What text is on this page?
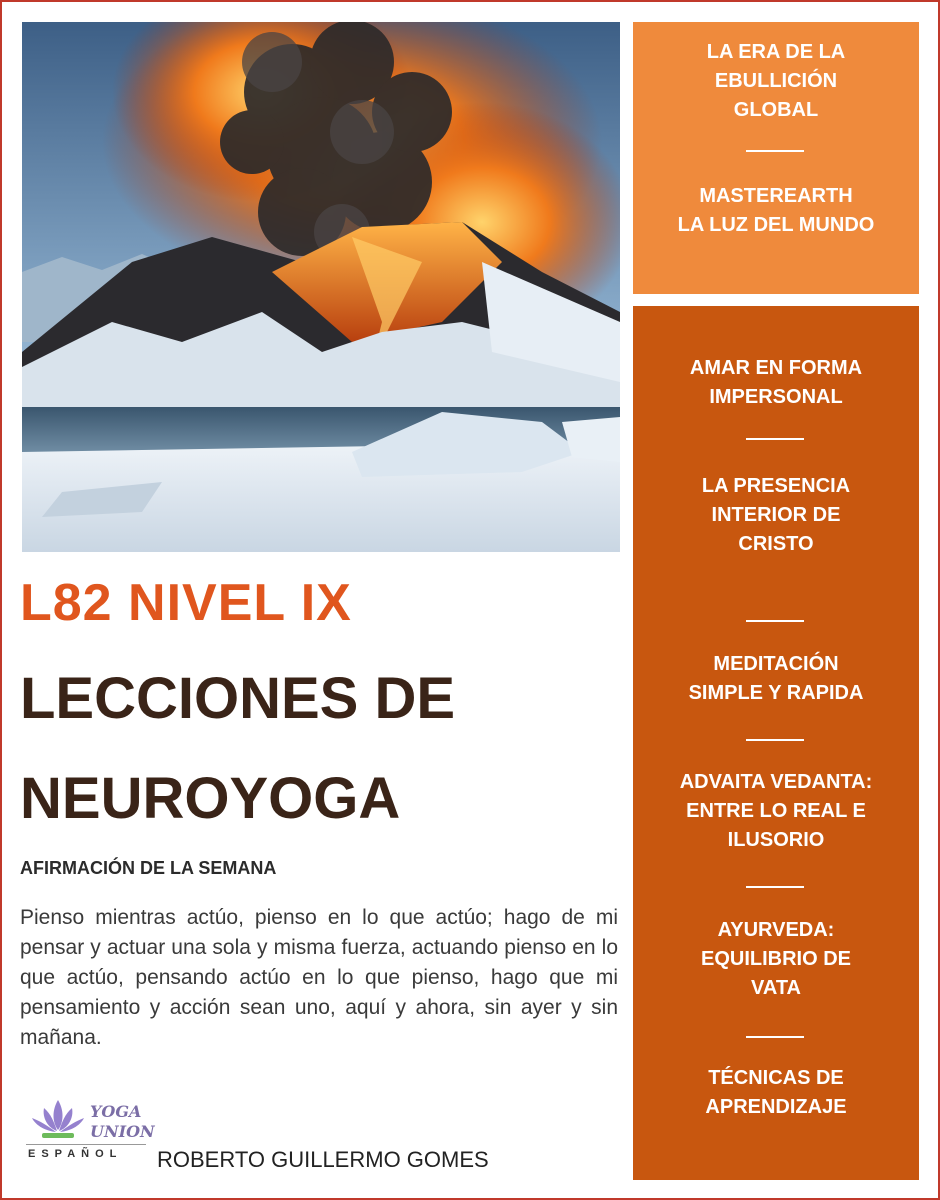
LA ERA DE LA
EBULLICIÓN
GLOBAL
MASTEREARTH
LA LUZ DEL MUNDO
AMAR EN FORMA
IMPERSONAL
LA PRESENCIA
INTERIOR DE
CRISTO
MEDITACIÓN
SIMPLE Y RAPIDA
ADVAITA VEDANTA:
ENTRE LO REAL E
ILUSORIO
AYURVEDA:
EQUILIBRIO DE
VATA
TÉCNICAS DE
APRENDIZAJE
L82 NIVEL IX
LECCIONES DE
NEUROYOGA
AFIRMACIÓN DE LA SEMANA
Pienso mientras actúo, pienso en lo que actúo; hago de mi pensar y actuar una sola y misma fuerza, actuando pienso en lo que actúo, pensando actúo en lo que pienso, hago que mi pensamiento y acción sean uno, aquí y ahora, sin ayer y sin mañana.
YOGA
UNION
ESPAÑOL ROBERTO GUILLERMO GOMES
